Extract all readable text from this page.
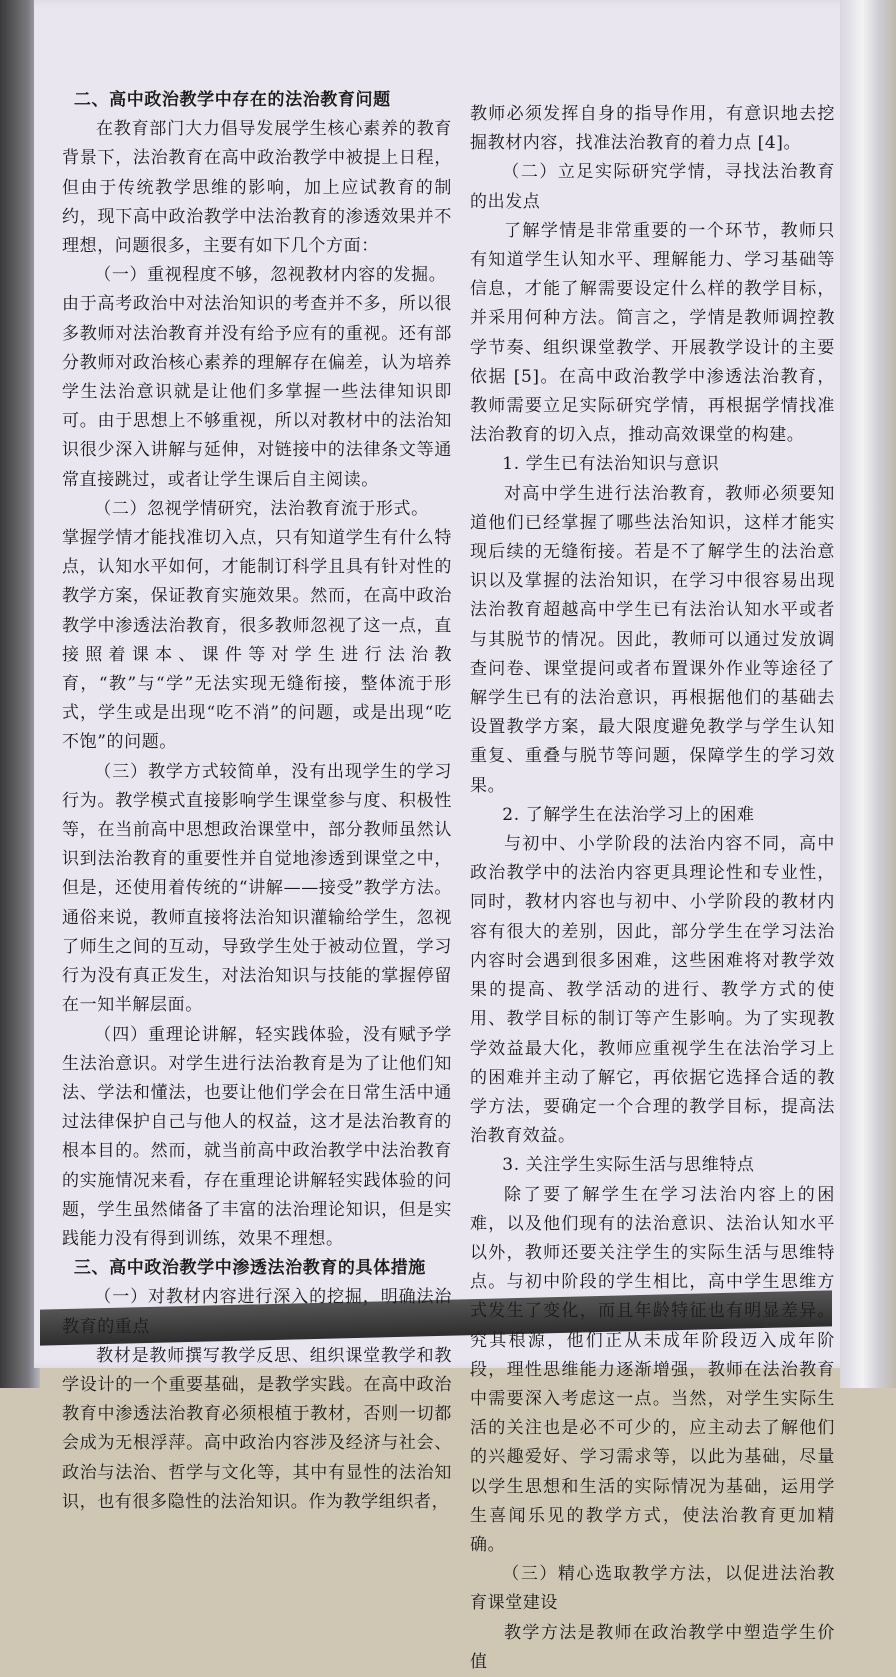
二、高中政治教学中存在的法治教育问题

在教育部门大力倡导发展学生核心素养的教育背景下，法治教育在高中政治教学中被提上日程，但由于传统教学思维的影响，加上应试教育的制约，现下高中政治教学中法治教育的渗透效果并不理想，问题很多，主要有如下几个方面：

（一）重视程度不够，忽视教材内容的发掘。

由于高考政治中对法治知识的考查并不多，所以很多教师对法治教育并没有给予应有的重视。还有部分教师对政治核心素养的理解存在偏差，认为培养学生法治意识就是让他们多掌握一些法律知识即可。由于思想上不够重视，所以对教材中的法治知识很少深入讲解与延伸，对链接中的法律条文等通常直接跳过，或者让学生课后自主阅读。

（二）忽视学情研究，法治教育流于形式。

掌握学情才能找准切入点，只有知道学生有什么特点，认知水平如何，才能制订科学且具有针对性的教学方案，保证教育实施效果。然而，在高中政治教学中渗透法治教育，很多教师忽视了这一点，直接照着课本、课件等对学生进行法治教育，“教”与“学”无法实现无缝衔接，整体流于形式，学生或是出现“吃不消”的问题，或是出现“吃不饱”的问题。

（三）教学方式较简单，没有出现学生的学习行为。教学模式直接影响学生课堂参与度、积极性等，在当前高中思想政治课堂中，部分教师虽然认识到法治教育的重要性并自觉地渗透到课堂之中，但是，还使用着传统的“讲解——接受”教学方法。通俗来说，教师直接将法治知识灌输给学生，忽视了师生之间的互动，导致学生处于被动位置，学习行为没有真正发生，对法治知识与技能的掌握停留在一知半解层面。

（四）重理论讲解，轻实践体验，没有赋予学生法治意识。对学生进行法治教育是为了让他们知法、学法和懂法，也要让他们学会在日常生活中通过法律保护自己与他人的权益，这才是法治教育的根本目的。然而，就当前高中政治教学中法治教育的实施情况来看，存在重理论讲解轻实践体验的问题，学生虽然储备了丰富的法治理论知识，但是实践能力没有得到训练，效果不理想。

三、高中政治教学中渗透法治教育的具体措施

（一）对教材内容进行深入的挖掘，明确法治教育的重点

教材是教师撰写教学反思、组织课堂教学和教学设计的一个重要基础，是教学实践。在高中政治教育中渗透法治教育必须根植于教材，否则一切都会成为无根浮萍。高中政治内容涉及经济与社会、政治与法治、哲学与文化等，其中有显性的法治知识，也有很多隐性的法治知识。作为教学组织者，

教师必须发挥自身的指导作用，有意识地去挖掘教材内容，找准法治教育的着力点 [4]。

（二）立足实际研究学情，寻找法治教育的出发点

了解学情是非常重要的一个环节，教师只有知道学生认知水平、理解能力、学习基础等信息，才能了解需要设定什么样的教学目标，并采用何种方法。简言之，学情是教师调控教学节奏、组织课堂教学、开展教学设计的主要依据 [5]。在高中政治教学中渗透法治教育，教师需要立足实际研究学情，再根据学情找准法治教育的切入点，推动高效课堂的构建。

1. 学生已有法治知识与意识

对高中学生进行法治教育，教师必须要知道他们已经掌握了哪些法治知识，这样才能实现后续的无缝衔接。若是不了解学生的法治意识以及掌握的法治知识，在学习中很容易出现法治教育超越高中学生已有法治认知水平或者与其脱节的情况。因此，教师可以通过发放调查问卷、课堂提问或者布置课外作业等途径了解学生已有的法治意识，再根据他们的基础去设置教学方案，最大限度避免教学与学生认知重复、重叠与脱节等问题，保障学生的学习效果。

2. 了解学生在法治学习上的困难

与初中、小学阶段的法治内容不同，高中政治教学中的法治内容更具理论性和专业性，同时，教材内容也与初中、小学阶段的教材内容有很大的差别，因此，部分学生在学习法治内容时会遇到很多困难，这些困难将对教学效果的提高、教学活动的进行、教学方式的使用、教学目标的制订等产生影响。为了实现教学效益最大化，教师应重视学生在法治学习上的困难并主动了解它，再依据它选择合适的教学方法，要确定一个合理的教学目标，提高法治教育效益。

3. 关注学生实际生活与思维特点

除了要了解学生在学习法治内容上的困难，以及他们现有的法治意识、法治认知水平以外，教师还要关注学生的实际生活与思维特点。与初中阶段的学生相比，高中学生思维方式发生了变化，而且年龄特征也有明显差异。究其根源，他们正从未成年阶段迈入成年阶段，理性思维能力逐渐增强，教师在法治教育中需要深入考虑这一点。当然，对学生实际生活的关注也是必不可少的，应主动去了解他们的兴趣爱好、学习需求等，以此为基础，尽量以学生思想和生活的实际情况为基础，运用学生喜闻乐见的教学方式，使法治教育更加精确。

（三）精心选取教学方法，以促进法治教育课堂建设

教学方法是教师在政治教学中塑造学生价值
